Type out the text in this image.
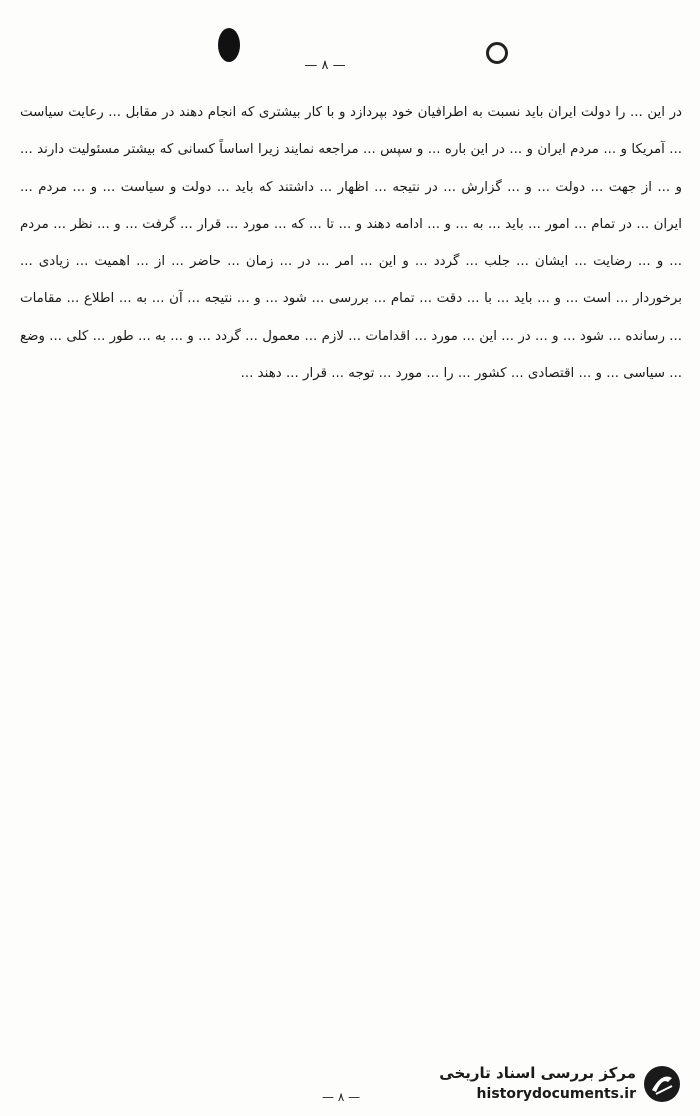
— ۸ —
در این ... را دولت ایران باید نسبت به اطرافیان خود بپردازد و با کار بیشتری که انجام دهند در مقابل ... رعایت سیاست ... آمریکا و ... مردم ایران و ... در این باره ... و سپس ... مراجعه نمایند زیرا اساساً کسانی که بیشتر مسئولیت دارند ... و ... از جهت ... دولت ... و ... گزارش ... در نتیجه ... اظهار ... داشتند که باید ... دولت و سیاست ... و ... مردم ... ایران ... در تمام ... امور ... باید ... به ... و ... ادامه دهند و ... تا ... که ... مورد ... قرار ... گرفت ... و ... نظر ... مردم ... و ... رضایت ... ایشان ... جلب ... گردد ... و این ... امر ... در ... زمان ... حاضر ... از ... اهمیت ... زیادی ... برخوردار ... است ... و ... باید ... با ... دقت ... تمام ... بررسی ... شود ... و ... نتیجه ... آن ... به ... اطلاع ... مقامات ... رسانده ... شود ... و ... در ... این ... مورد ... اقدامات ... لازم ... معمول ... گردد ... و ... به ... طور ... کلی ... وضع ... سیاسی ... و ... اقتصادی ... کشور ... را ... مورد ... توجه ... قرار ... دهند ...
— ۸ —
مرکز بررسی اسناد تاریخی
historydocuments.ir
